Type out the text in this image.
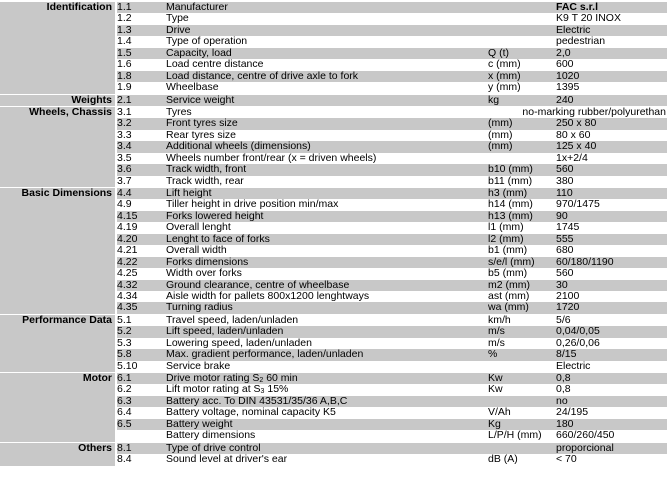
Identification 1.1	Manufacturer	FAC s.r.l
1.2	Type	K9 T 20 INOX
1.3	Drive	Electric
1.4	Type of operation	pedestrian
1.5	Capacity, load	Q (t)	2,0
1.6	Load centre distance	c (mm)	600
1.8	Load distance, centre of drive axle to fork	x (mm)	1020
1.9	Wheelbase	y (mm)	1395
Weights 2.1	Service weight	kg	240
Wheels, Chassis 3.1	Tyres	no-marking rubber/polyurethan
3.2	Front tyres size	(mm)	250 x 80
3.3	Rear tyres size	(mm)	80 x 60
3.4	Additional wheels (dimensions)	(mm)	125 x 40
3.5	Wheels number front/rear (x = driven wheels)	1x+2/4
3.6	Track width, front	b10 (mm) 560
3.7	Track width, rear	b11 (mm) 380
Basic Dimensions 4.4	Lift height	h3 (mm)	110
4.9	Tiller height in drive position min/max	h14 (mm) 970/1475
4.15	Forks lowered height	h13 (mm) 90
4.19	Overall lenght	l1 (mm)	1745
4.20	Lenght to face of forks	l2 (mm)	555
4.21	Overall width	b1 (mm)	680
4.22	Forks dimensions	s/e/l (mm) 60/180/1190
4.25	Width over forks	b5 (mm)	560
4.32	Ground clearance, centre of wheelbase	m2 (mm) 30
4.34	Aisle width for pallets 800x1200 lenghtways	ast (mm)	2100
4.35	Turning radius	wa (mm)	1720
Performance Data 5.1	Travel speed, laden/unladen	km/h	5/6
5.2	Lift speed, laden/unladen	m/s	0,04/0,05
5.3	Lowering speed, laden/unladen	m/s	0,26/0,06
5.8	Max. gradient performance, laden/unladen	%	8/15
5.10	Service brake	Electric
Motor 6.1	Drive motor rating S2 60 min	Kw	0,8
6.2	Lift motor rating at S3 15%	Kw	0,8
6.3	Battery acc. To DIN 43531/35/36 A,B,C	no
6.4	Battery voltage, nominal capacity K5	V/Ah	24/195
6.5	Battery weight	Kg	180
Battery dimensions	L/P/H (mm) 660/260/450
Others 8.1	Type of drive control	proporcional
8.4	Sound level at driver's ear	dB (A)	< 70
